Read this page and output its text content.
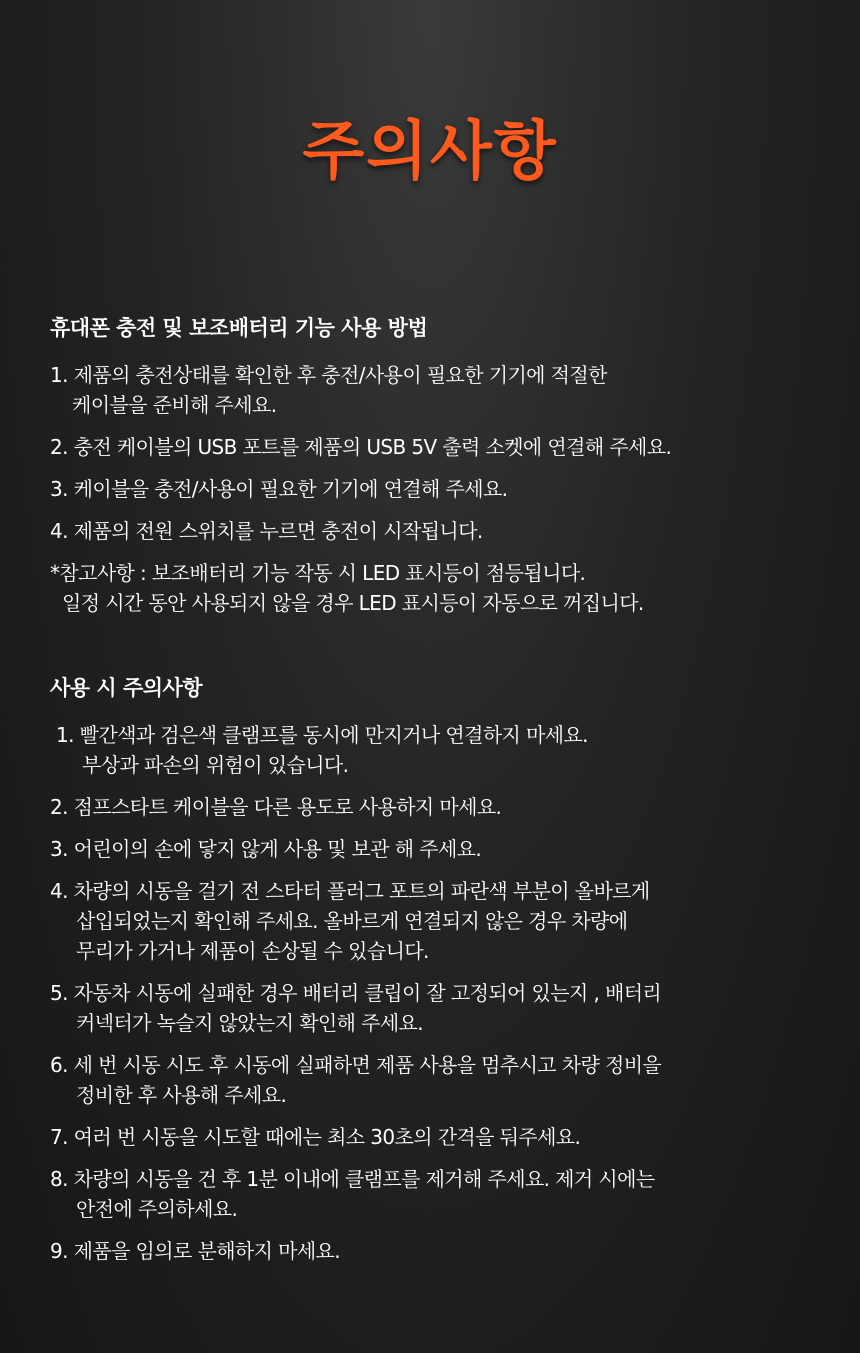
주의사항
휴대폰 충전 및 보조배터리 기능 사용 방법
1. 제품의 충전상태를 확인한 후 충전/사용이 필요한 기기에 적절한
케이블을 준비해 주세요.
2. 충전 케이블의 USB 포트를 제품의 USB 5V 출력 소켓에 연결해 주세요.
3. 케이블을 충전/사용이 필요한 기기에 연결해 주세요.
4. 제품의 전원 스위치를 누르면 충전이 시작됩니다.
*참고사항 : 보조배터리 기능 작동 시 LED 표시등이 점등됩니다.
일정 시간 동안 사용되지 않을 경우 LED 표시등이 자동으로 꺼집니다.
사용 시 주의사항
1. 빨간색과 검은색 클램프를 동시에 만지거나 연결하지 마세요.
부상과 파손의 위험이 있습니다.
2. 점프스타트 케이블을 다른 용도로 사용하지 마세요.
3. 어린이의 손에 닿지 않게 사용 및 보관 해 주세요.
4. 차량의 시동을 걸기 전 스타터 플러그 포트의 파란색 부분이 올바르게
삽입되었는지 확인해 주세요. 올바르게 연결되지 않은 경우 차량에
무리가 가거나 제품이 손상될 수 있습니다.
5. 자동차 시동에 실패한 경우 배터리 클립이 잘 고정되어 있는지 , 배터리
커넥터가 녹슬지 않았는지 확인해 주세요.
6. 세 번 시동 시도 후 시동에 실패하면 제품 사용을 멈추시고 차량 정비을
정비한 후 사용해 주세요.
7. 여러 번 시동을 시도할 때에는 최소 30초의 간격을 둬주세요.
8. 차량의 시동을 건 후 1분 이내에 클램프를 제거해 주세요. 제거 시에는
안전에 주의하세요.
9. 제품을 임의로 분해하지 마세요.
